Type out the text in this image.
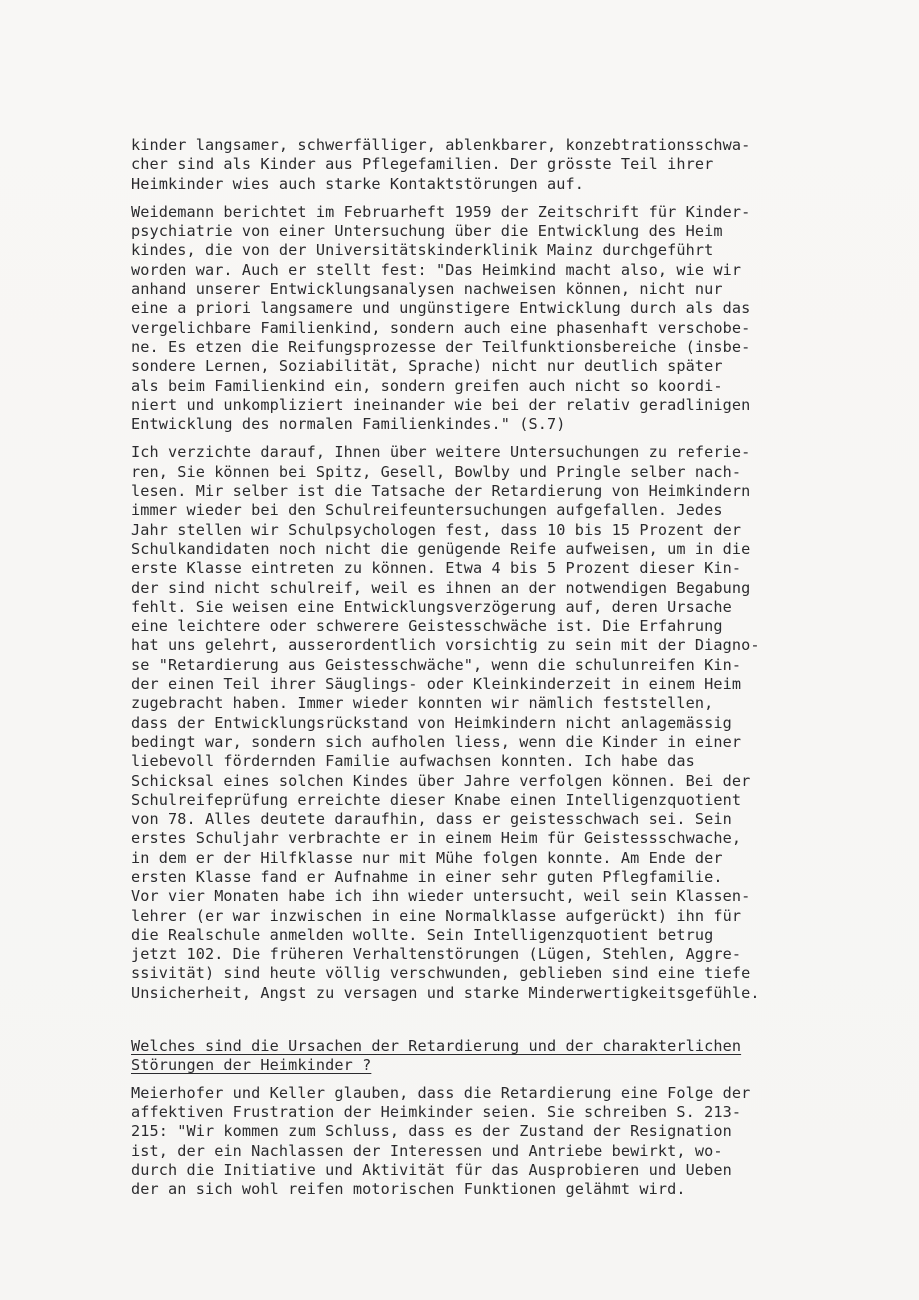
kinder langsamer, schwerfälliger, ablenkbarer, konzebtrationsschwa-
cher sind als Kinder aus Pflegefamilien. Der grösste Teil ihrer
Heimkinder wies auch starke Kontaktstörungen auf.
Weidemann berichtet im Februarheft 1959 der Zeitschrift für Kinder-
psychiatrie von einer Untersuchung über die Entwicklung des Heim
kindes, die von der Universitätskinderklinik Mainz durchgeführt
worden war. Auch er stellt fest: "Das Heimkind macht also, wie wir
anhand unserer Entwicklungsanalysen nachweisen können, nicht nur
eine a priori langsamere und ungünstigere Entwicklung durch als das
vergelichbare Familienkind, sondern auch eine phasenhaft verschobe-
ne. Es etzen die Reifungsprozesse der Teilfunktionsbereiche (insbe-
sondere Lernen, Soziabilität, Sprache) nicht nur deutlich später
als beim Familienkind ein, sondern greifen auch nicht so koordi-
niert und unkompliziert ineinander wie bei der relativ geradlinigen
Entwicklung des normalen Familienkindes." (S.7)
Ich verzichte darauf, Ihnen über weitere Untersuchungen zu referie-
ren, Sie können bei Spitz, Gesell, Bowlby und Pringle selber nach-
lesen. Mir selber ist die Tatsache der Retardierung von Heimkindern
immer wieder bei den Schulreifeuntersuchungen aufgefallen. Jedes
Jahr stellen wir Schulpsychologen fest, dass 10 bis 15 Prozent der
Schulkandidaten noch nicht die genügende Reife aufweisen, um in die
erste Klasse eintreten zu können. Etwa 4 bis 5 Prozent dieser Kin-
der sind nicht schulreif, weil es ihnen an der notwendigen Begabung
fehlt. Sie weisen eine Entwicklungsverzögerung auf, deren Ursache
eine leichtere oder schwerere Geistesschwäche ist. Die Erfahrung
hat uns gelehrt, ausserordentlich vorsichtig zu sein mit der Diagno-
se "Retardierung aus Geistesschwäche", wenn die schulunreifen Kin-
der einen Teil ihrer Säuglings- oder Kleinkinderzeit in einem Heim
zugebracht haben. Immer wieder konnten wir nämlich feststellen,
dass der Entwicklungsrückstand von Heimkindern nicht anlagemässig
bedingt war, sondern sich aufholen liess, wenn die Kinder in einer
liebevoll fördernden Familie aufwachsen konnten. Ich habe das
Schicksal eines solchen Kindes über Jahre verfolgen können. Bei der
Schulreifeprüfung erreichte dieser Knabe einen Intelligenzquotient
von 78. Alles deutete daraufhin, dass er geistesschwach sei. Sein
erstes Schuljahr verbrachte er in einem Heim für Geistessschwache,
in dem er der Hilfklasse nur mit Mühe folgen konnte. Am Ende der
ersten Klasse fand er Aufnahme in einer sehr guten Pflegfamilie.
Vor vier Monaten habe ich ihn wieder untersucht, weil sein Klassen-
lehrer (er war inzwischen in eine Normalklasse aufgerückt) ihn für
die Realschule anmelden wollte. Sein Intelligenzquotient betrug
jetzt 102. Die früheren Verhaltenstörungen (Lügen, Stehlen, Aggre-
ssivität) sind heute völlig verschwunden, geblieben sind eine tiefe
Unsicherheit, Angst zu versagen und starke Minderwertigkeitsgefühle.
Welches sind die Ursachen der Retardierung und der charakterlichen
Störungen der Heimkinder ?
Meierhofer und Keller glauben, dass die Retardierung eine Folge der
affektiven Frustration der Heimkinder seien. Sie schreiben S. 213-
215: "Wir kommen zum Schluss, dass es der Zustand der Resignation
ist, der ein Nachlassen der Interessen und Antriebe bewirkt, wo-
durch die Initiative und Aktivität für das Ausprobieren und Ueben
der an sich wohl reifen motorischen Funktionen gelähmt wird.
